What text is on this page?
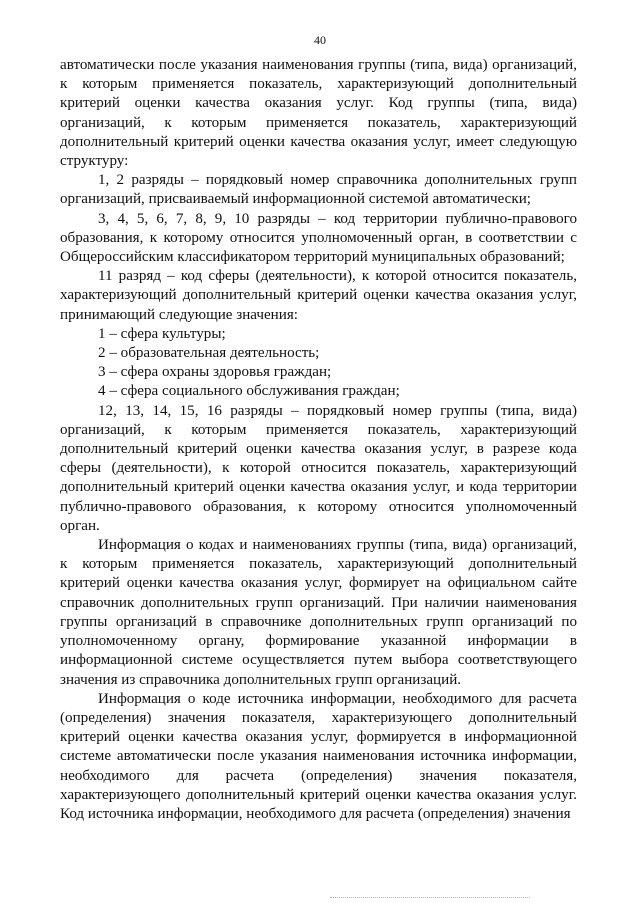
40

автоматически после указания наименования группы (типа, вида) организаций, к которым применяется показатель, характеризующий дополнительный критерий оценки качества оказания услуг. Код группы (типа, вида) организаций, к которым применяется показатель, характеризующий дополнительный критерий оценки качества оказания услуг, имеет следующую структуру:

1, 2 разряды – порядковый номер справочника дополнительных групп организаций, присваиваемый информационной системой автоматически;

3, 4, 5, 6, 7, 8, 9, 10 разряды – код территории публично-правового образования, к которому относится уполномоченный орган, в соответствии с Общероссийским классификатором территорий муниципальных образований;

11 разряд – код сферы (деятельности), к которой относится показатель, характеризующий дополнительный критерий оценки качества оказания услуг, принимающий следующие значения:

1 – сфера культуры;

2 – образовательная деятельность;

3 – сфера охраны здоровья граждан;

4 – сфера социального обслуживания граждан;

12, 13, 14, 15, 16 разряды – порядковый номер группы (типа, вида) организаций, к которым применяется показатель, характеризующий дополнительный критерий оценки качества оказания услуг, в разрезе кода сферы (деятельности), к которой относится показатель, характеризующий дополнительный критерий оценки качества оказания услуг, и кода территории публично-правового образования, к которому относится уполномоченный орган.

Информация о кодах и наименованиях группы (типа, вида) организаций, к которым применяется показатель, характеризующий дополнительный критерий оценки качества оказания услуг, формирует на официальном сайте справочник дополнительных групп организаций. При наличии наименования группы организаций в справочнике дополнительных групп организаций по уполномоченному органу, формирование указанной информации в информационной системе осуществляется путем выбора соответствующего значения из справочника дополнительных групп организаций.

Информация о коде источника информации, необходимого для расчета (определения) значения показателя, характеризующего дополнительный критерий оценки качества оказания услуг, формируется в информационной системе автоматически после указания наименования источника информации, необходимого для расчета (определения) значения показателя, характеризующего дополнительный критерий оценки качества оказания услуг. Код источника информации, необходимого для расчета (определения) значения
